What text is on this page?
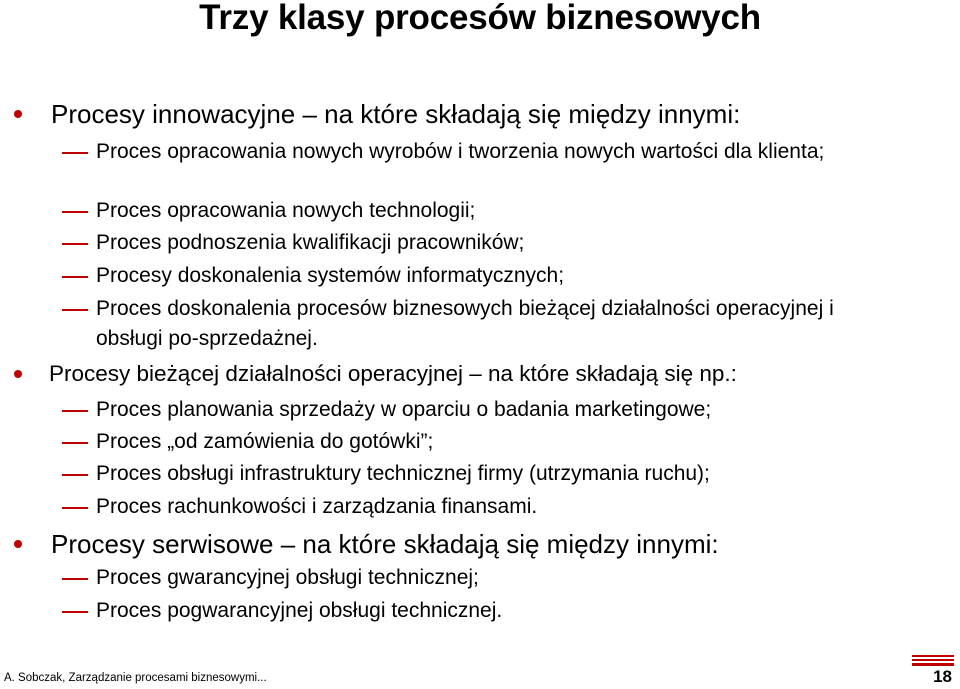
Trzy klasy procesów biznesowych
Procesy innowacyjne – na które składają się między innymi:
Proces opracowania nowych wyrobów i tworzenia nowych wartości dla klienta;
Proces opracowania nowych technologii;
Proces podnoszenia kwalifikacji pracowników;
Procesy doskonalenia systemów informatycznych;
Proces doskonalenia procesów biznesowych bieżącej działalności operacyjnej i obsługi po-sprzedażnej.
Procesy bieżącej działalności operacyjnej – na które składają się np.:
Proces planowania sprzedaży w oparciu o badania marketingowe;
Proces „od zamówienia do gotówki”;
Proces obsługi infrastruktury technicznej firmy (utrzymania ruchu);
Proces rachunkowości i zarządzania finansami.
Procesy serwisowe – na które składają się między innymi:
Proces gwarancyjnej obsługi technicznej;
Proces pogwarancyjnej obsługi technicznej.
A. Sobczak, Zarządzanie procesami biznesowymi...	18
